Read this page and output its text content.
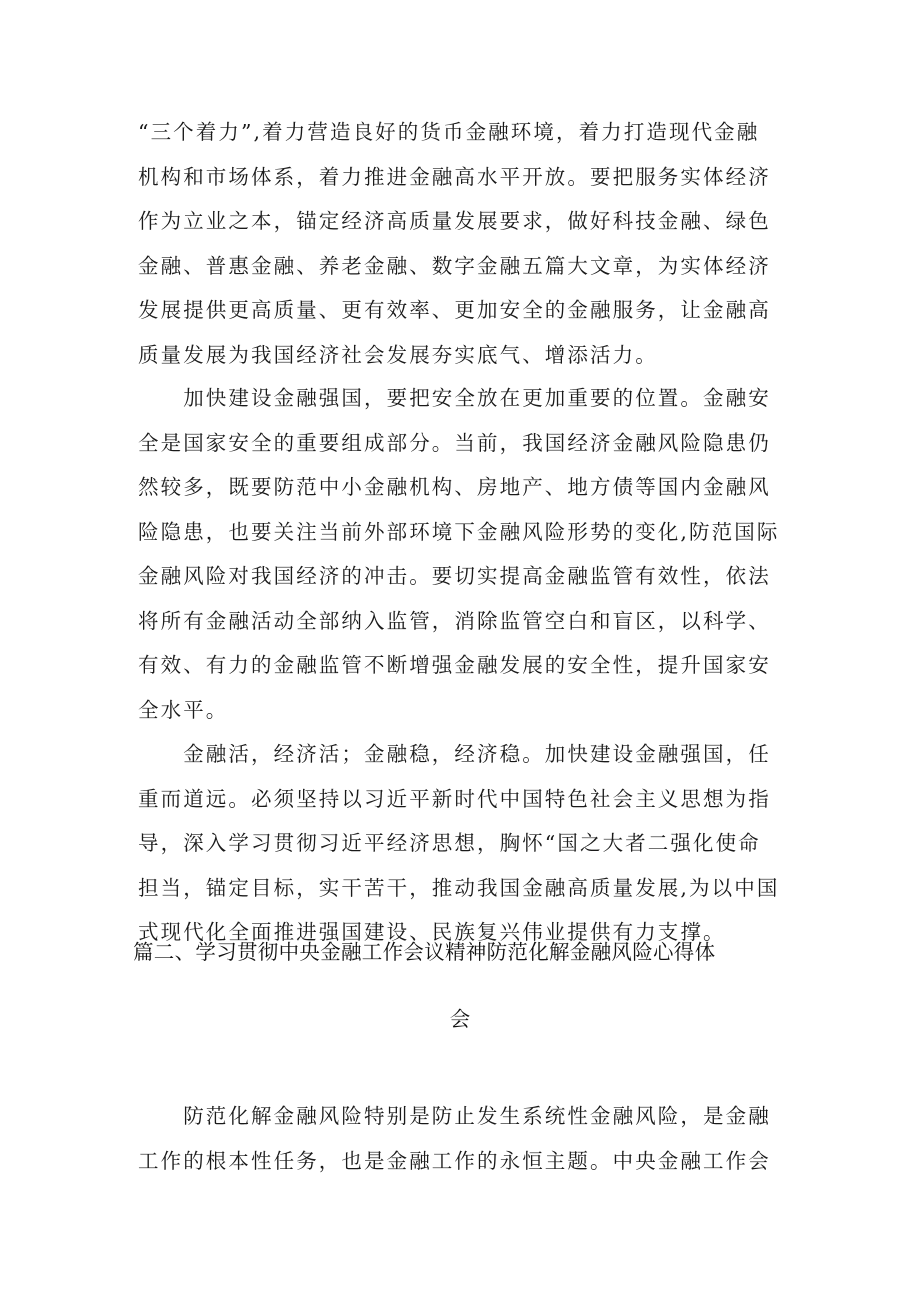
“三个着力”,着力营造良好的货币金融环境，着力打造现代金融
机构和市场体系，着力推进金融高水平开放。要把服务实体经济
作为立业之本，锚定经济高质量发展要求，做好科技金融、绿色
金融、普惠金融、养老金融、数字金融五篇大文章，为实体经济
发展提供更高质量、更有效率、更加安全的金融服务，让金融高
质量发展为我国经济社会发展夯实底气、增添活力。
　　加快建设金融强国，要把安全放在更加重要的位置。金融安
全是国家安全的重要组成部分。当前，我国经济金融风险隐患仍
然较多，既要防范中小金融机构、房地产、地方债等国内金融风
险隐患，也要关注当前外部环境下金融风险形势的变化,防范国际
金融风险对我国经济的冲击。要切实提高金融监管有效性，依法
将所有金融活动全部纳入监管，消除监管空白和盲区，以科学、
有效、有力的金融监管不断增强金融发展的安全性，提升国家安
全水平。
　　金融活，经济活；金融稳，经济稳。加快建设金融强国，任
重而道远。必须坚持以习近平新时代中国特色社会主义思想为指
导，深入学习贯彻习近平经济思想，胸怀“国之大者二强化使命
担当，锚定目标，实干苦干，推动我国金融高质量发展,为以中国
式现代化全面推进强国建设、民族复兴伟业提供有力支撑。
篇二、学习贯彻中央金融工作会议精神防范化解金融风险心得体
会
　　防范化解金融风险特别是防止发生系统性金融风险，是金融
工作的根本性任务，也是金融工作的永恒主题。中央金融工作会
